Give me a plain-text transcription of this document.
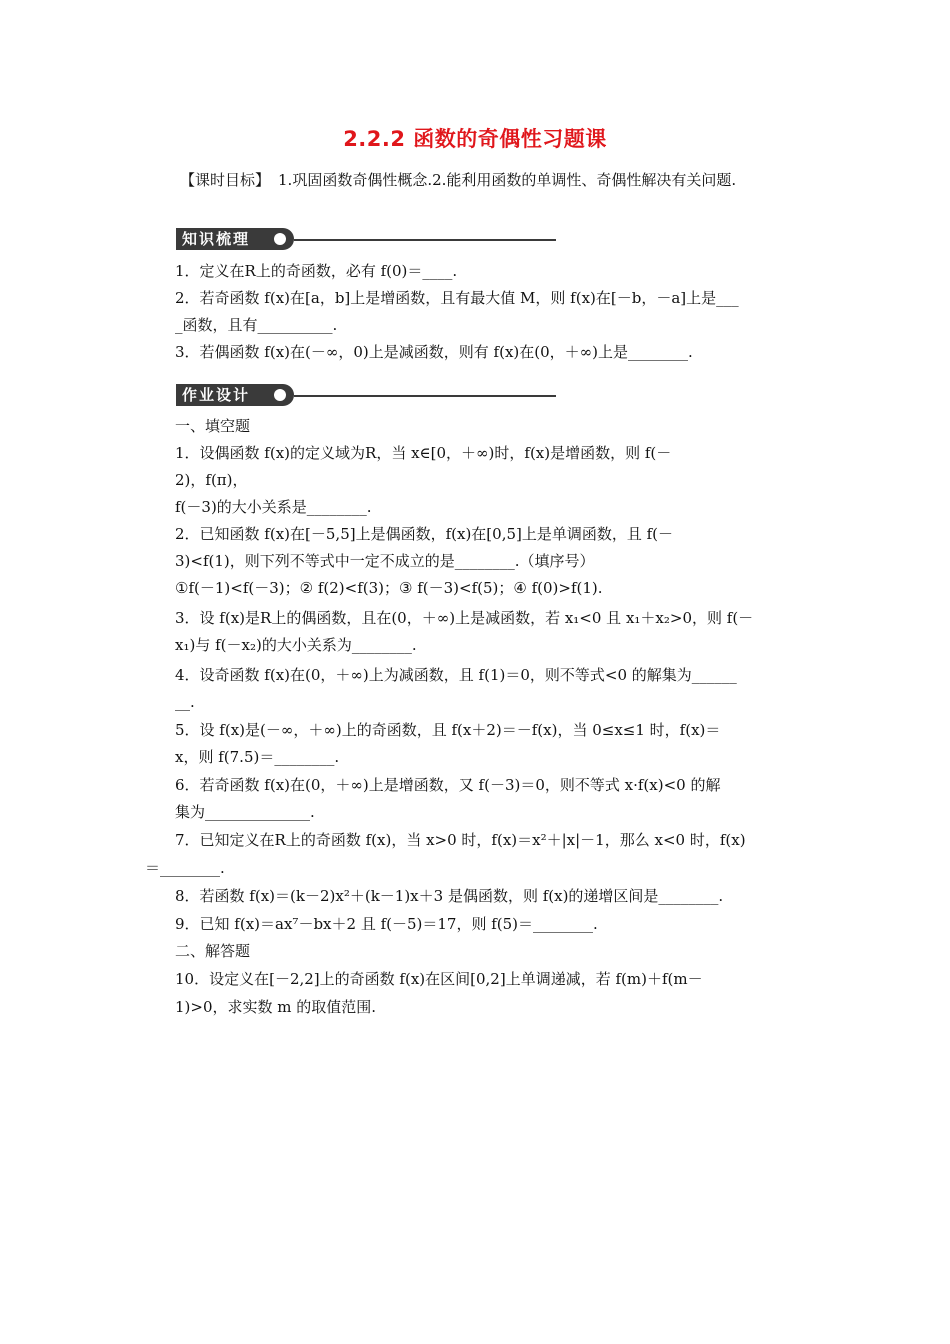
2.2.2 函数的奇偶性习题课
【课时目标】 1.巩固函数奇偶性概念.2.能利用函数的单调性、奇偶性解决有关问题.
知识梳理
1．定义在R上的奇函数，必有 f(0)＝____.
2．若奇函数 f(x)在[a，b]上是增函数，且有最大值 M，则 f(x)在[－b，－a]上是___
_函数，且有__________.
3．若偶函数 f(x)在(－∞，0)上是减函数，则有 f(x)在(0，＋∞)上是________.
作业设计
一、填空题
1．设偶函数 f(x)的定义域为R，当 x∈[0，＋∞)时，f(x)是增函数，则 f(－
2)，f(π)，
f(－3)的大小关系是________.
2．已知函数 f(x)在[－5,5]上是偶函数，f(x)在[0,5]上是单调函数，且 f(－
3)<f(1)，则下列不等式中一定不成立的是________.（填序号）
①f(－1)<f(－3)；② f(2)<f(3)；③ f(－3)<f(5)；④ f(0)>f(1).
3．设 f(x)是R上的偶函数，且在(0，＋∞)上是减函数，若 x₁<0 且 x₁＋x₂>0，则 f(－
x₁)与 f(－x₂)的大小关系为________.
4．设奇函数 f(x)在(0，＋∞)上为减函数，且 f(1)＝0，则不等式<0 的解集为______
__.
5．设 f(x)是(－∞，＋∞)上的奇函数，且 f(x＋2)＝－f(x)，当 0≤x≤1 时，f(x)＝
x，则 f(7.5)＝________.
6．若奇函数 f(x)在(0，＋∞)上是增函数，又 f(－3)＝0，则不等式 x·f(x)<0 的解
集为______________.
7．已知定义在R上的奇函数 f(x)，当 x>0 时，f(x)＝x²＋|x|－1，那么 x<0 时，f(x)
＝________.
8．若函数 f(x)＝(k－2)x²＋(k－1)x＋3 是偶函数，则 f(x)的递增区间是________.
9．已知 f(x)＝ax⁷－bx＋2 且 f(－5)＝17，则 f(5)＝________.
二、解答题
10．设定义在[－2,2]上的奇函数 f(x)在区间[0,2]上单调递减，若 f(m)＋f(m－
1)>0，求实数 m 的取值范围.
